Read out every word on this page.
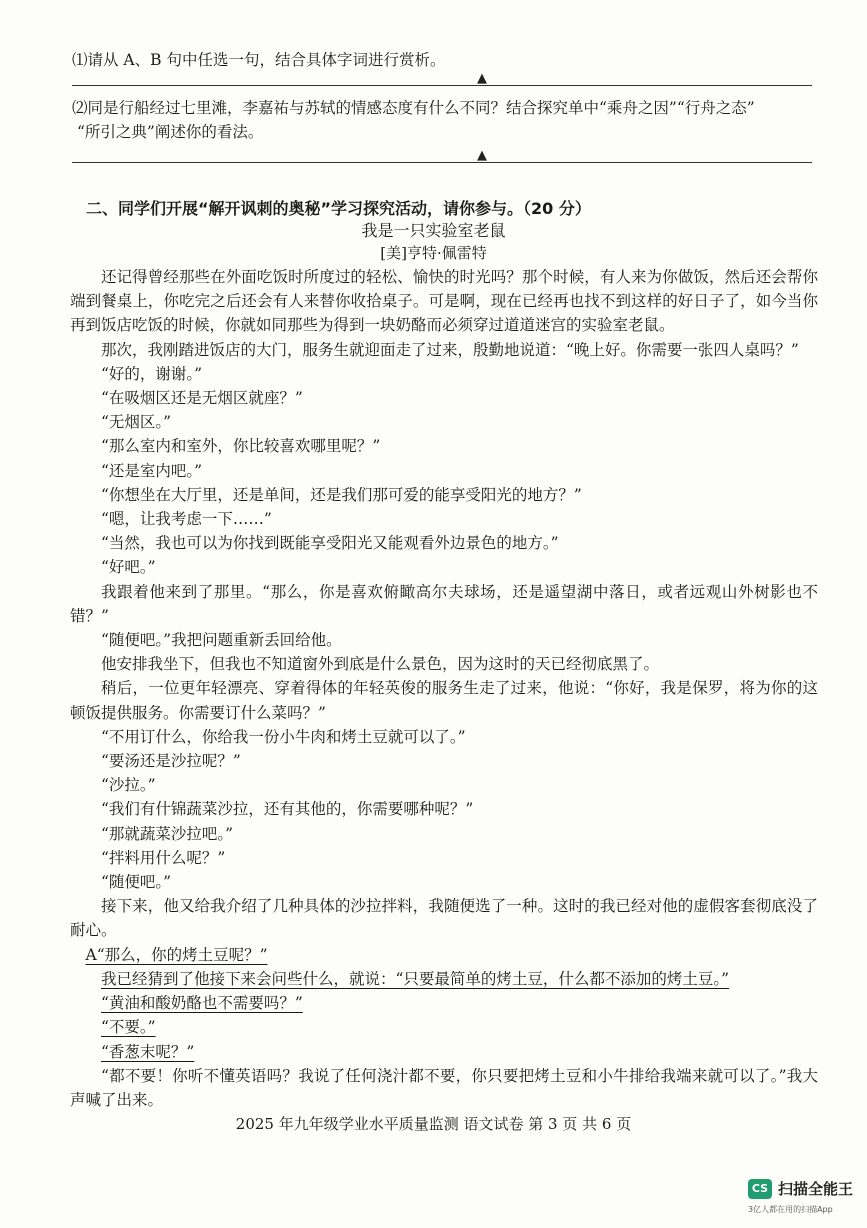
⑴请从 A、B 句中任选一句，结合具体字词进行赏析。
▲
⑵同是行船经过七里滩，李嘉祐与苏轼的情感态度有什么不同？结合探究单中“乘舟之因”“行舟之态”
“所引之典”阐述你的看法。
▲
二、同学们开展“解开讽刺的奥秘”学习探究活动，请你参与。（20 分）
我是一只实验室老鼠
[美]亨特·佩雷特

还记得曾经那些在外面吃饭时所度过的轻松、愉快的时光吗？那个时候，有人来为你做饭，然后还会帮你端到餐桌上，你吃完之后还会有人来替你收拾桌子。可是啊，现在已经再也找不到这样的好日子了，如今当你再到饭店吃饭的时候，你就如同那些为得到一块奶酪而必须穿过道道迷宫的实验室老鼠。

那次，我刚踏进饭店的大门，服务生就迎面走了过来，殷勤地说道：“晚上好。你需要一张四人桌吗？”

“好的，谢谢。”

“在吸烟区还是无烟区就座？”

“无烟区。”

“那么室内和室外，你比较喜欢哪里呢？”

“还是室内吧。”

“你想坐在大厅里，还是单间，还是我们那可爱的能享受阳光的地方？”

“嗯，让我考虑一下……”

“当然，我也可以为你找到既能享受阳光又能观看外边景色的地方。”

“好吧。”

我跟着他来到了那里。“那么，你是喜欢俯瞰高尔夫球场，还是遥望湖中落日，或者远观山外树影也不错？”

“随便吧。”我把问题重新丢回给他。

他安排我坐下，但我也不知道窗外到底是什么景色，因为这时的天已经彻底黑了。

稍后，一位更年轻漂亮、穿着得体的年轻英俊的服务生走了过来，他说：“你好，我是保罗，将为你的这顿饭提供服务。你需要订什么菜吗？”

“不用订什么，你给我一份小牛肉和烤土豆就可以了。”

“要汤还是沙拉呢？”

“沙拉。”

“我们有什锦蔬菜沙拉，还有其他的，你需要哪种呢？”

“那就蔬菜沙拉吧。”

“拌料用什么呢？”

“随便吧。”

接下来，他又给我介绍了几种具体的沙拉拌料，我随便选了一种。这时的我已经对他的虚假客套彻底没了耐心。

A“那么，你的烤土豆呢？”

我已经猜到了他接下来会问些什么，就说：“只要最简单的烤土豆，什么都不添加的烤土豆。”

“黄油和酸奶酪也不需要吗？”

“不要。”

“香葱末呢？”

“都不要！你听不懂英语吗？我说了任何浇汁都不要，你只要把烤土豆和小牛排给我端来就可以了。”我大声喊了出来。

2025 年九年级学业水平质量监测 语文试卷 第 3 页 共 6 页
CS 扫描全能王
3亿人都在用的扫描App
